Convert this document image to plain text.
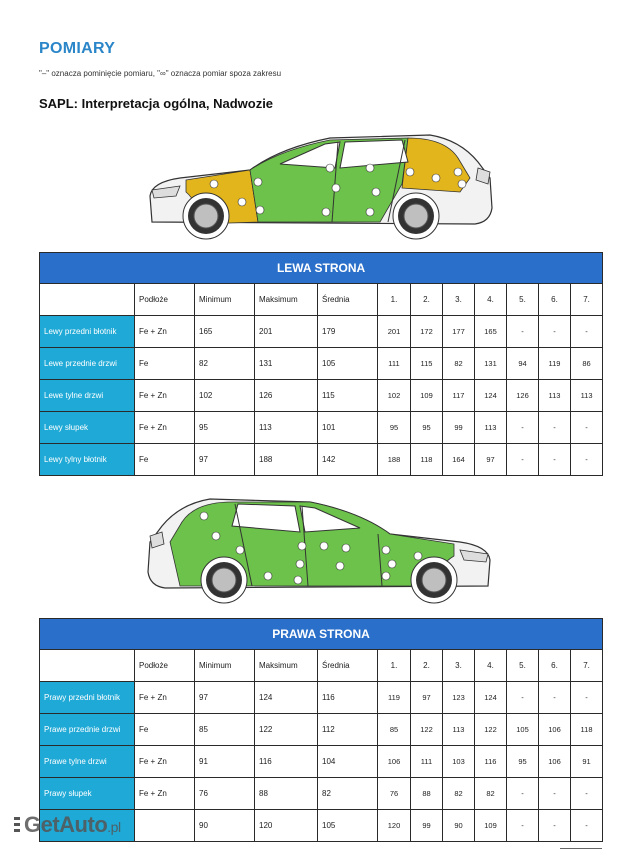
POMIARY
"–" oznacza pominięcie pomiaru, "∞" oznacza pomiar spoza zakresu
SAPL: Interpretacja ogólna, Nadwozie
LEWA STRONA											
	Podłoże	Minimum	Maksimum	Średnia	1.	2.	3.	4.	5.	6.	7.
Lewy przedni błotnik	Fe + Zn	165	201	179	201	172	177	165	-	-	-
Lewe przednie drzwi	Fe	82	131	105	111	115	82	131	94	119	86
Lewe tylne drzwi	Fe + Zn	102	126	115	102	109	117	124	126	113	113
Lewy słupek	Fe + Zn	95	113	101	95	95	99	113	-	-	-
Lewy tylny błotnik	Fe	97	188	142	188	118	164	97	-	-	-
PRAWA STRONA											
	Podłoże	Minimum	Maksimum	Średnia	1.	2.	3.	4.	5.	6.	7.
Prawy przedni błotnik	Fe + Zn	97	124	116	119	97	123	124	-	-	-
Prawe przednie drzwi	Fe	85	122	112	85	122	113	122	105	106	118
Prawe tylne drzwi	Fe + Zn	91	116	104	106	111	103	116	95	106	91
Prawy słupek	Fe + Zn	76	88	82	76	88	82	82	-	-	-
		90	120	105	120	99	90	109	-	-	-
GetAuto.pl
